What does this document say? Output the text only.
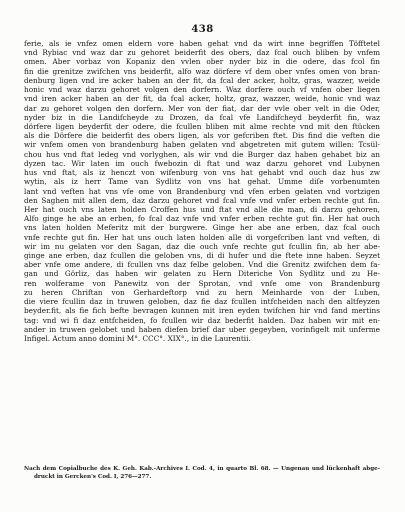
438
ferie, als ie vnfez omen eldern vore haben gehat vnd da wirt inne begriffen Töfftetel
vnd Rybiac vnd waz dar zu gehoret beiderfit des obers, daz fcal ouch bliben by vnfem
omen. Aber vorbaz von Kopaniz den vvlen ober nyder biz in die odere, das fcol fin
fin die grenitze zwifchen vns beiderfit, alfo waz dörfere vf dem ober vnfes omen von bran-
denburg ligen vnd ire acker haben an der fit, da fcal der acker, holtz, gras, wazzer, weide
honic vnd waz darzu gehoret volgen den dorfern. Waz dorfere ouch vf vnfen ober liegen
vnd iren acker haben an der fit, da fcal acker, holtz, graz, wazzer, weide, honic vnd waz
dar zu gehoret volgen den dorfern. Mer von der fiat, dar der vvle ober velt in die Oder,
nyder biz in die Landifcheyde zu Drozen, da fcal vfe Landifcheyd beyderfit fin, waz
dörfere ligen beyderfit der odere, die fcullen bliben mit alme rechte vnd mit den ftücken
als die Dörfere die beiderfit des obers ligen, als vor gefcriben ftet. Dis find die veften die
wir vnfem omen von brandenburg haben gelaten vnd abgetreten mit gutem willen: Tcsül-
chou hus vnd ftat ledeg vnd vorlyghen, als wir vnd die Burger daz haben gehabet biz an
dyzen tac. Wir laten im ouch fwebozin di ftat und waz darzu gehoret vnd Lubynen
hus vnd ftat, als iz henczt von wifenburg von vns hat gehabt vnd ouch daz hus zw
wytin, als iz herr Tame van Sydlitz von vns hat gehat. Umme diſe vorbenumten
lant vnd veften hat vns vfe ome von Brandenburg vnd vfen erben gelaten vnd vortzigen
den Saghen mit allen dem, daz darzu gehoret vnd fcal vnfe vnd vnfer erben rechte gut fin.
Her hat ouch vns laten holden Croffen hus und ftat vnd alle die man, di darzu gehoren,
Alfo ginge he abe an erben, fo fcal daz vnfe vnd vnfer erben rechte gut fin. Her hat ouch
vns laten holden Meferitz mit der burgwere. Ginge her abe ane erben, daz fcal ouch
vnfe rechte gut fin. Her hat uns ouch laten holden alle di vorgefcriben lant vnd veften, di
wir im nu gelaten vor den Sagan, daz die ouch vnfe rechte gut fcullin fin, ab her abe-
ginge ane erben, daz fcullen die geloben vns, di di hufer und die ftete inne haben. Seyzet
aber vnfe ome andere, di fcullen vns daz felbe geloben. Vnd die Grenitz zwifchen dem fa-
gan und Görliz, das haben wir gelaten zu Hern Diteriche Von Sydlitz und zu He-
ren wolferame von Panewitz von der Sprotan, vnd vnfe ome von Brandenburg
zu heren Chriftan von Gerhardeftorp vnd zu hern Meinharde von der Luben,
die viere fcullin daz in truwen geloben, daz fie daz fcullen intfcheiden nach den altfeyzen
beyder.fit, als fie fich befte bevragen kunnen mit iren eyden twifchen hir vnd fand mertins
tag: vnd wi fi daz entfcheiden, fo fcullen wir daz bederfit halden. Daz haben wir mit en-
ander in truwen gelobet und haben diefen brief dar uber gegeyben, vorinfigelt mit unferme
Infigel. Actum anno domini M°. CCC°. XIX°., in die Laurentii.
Nach dem Copialbuche des K. Geh. Kab.-Archives I. Cod. 4, in quarto Bl. 68. — Ungenau und lückenhaft abge-
druckt in Gercken's Cod. I, 276—277.
